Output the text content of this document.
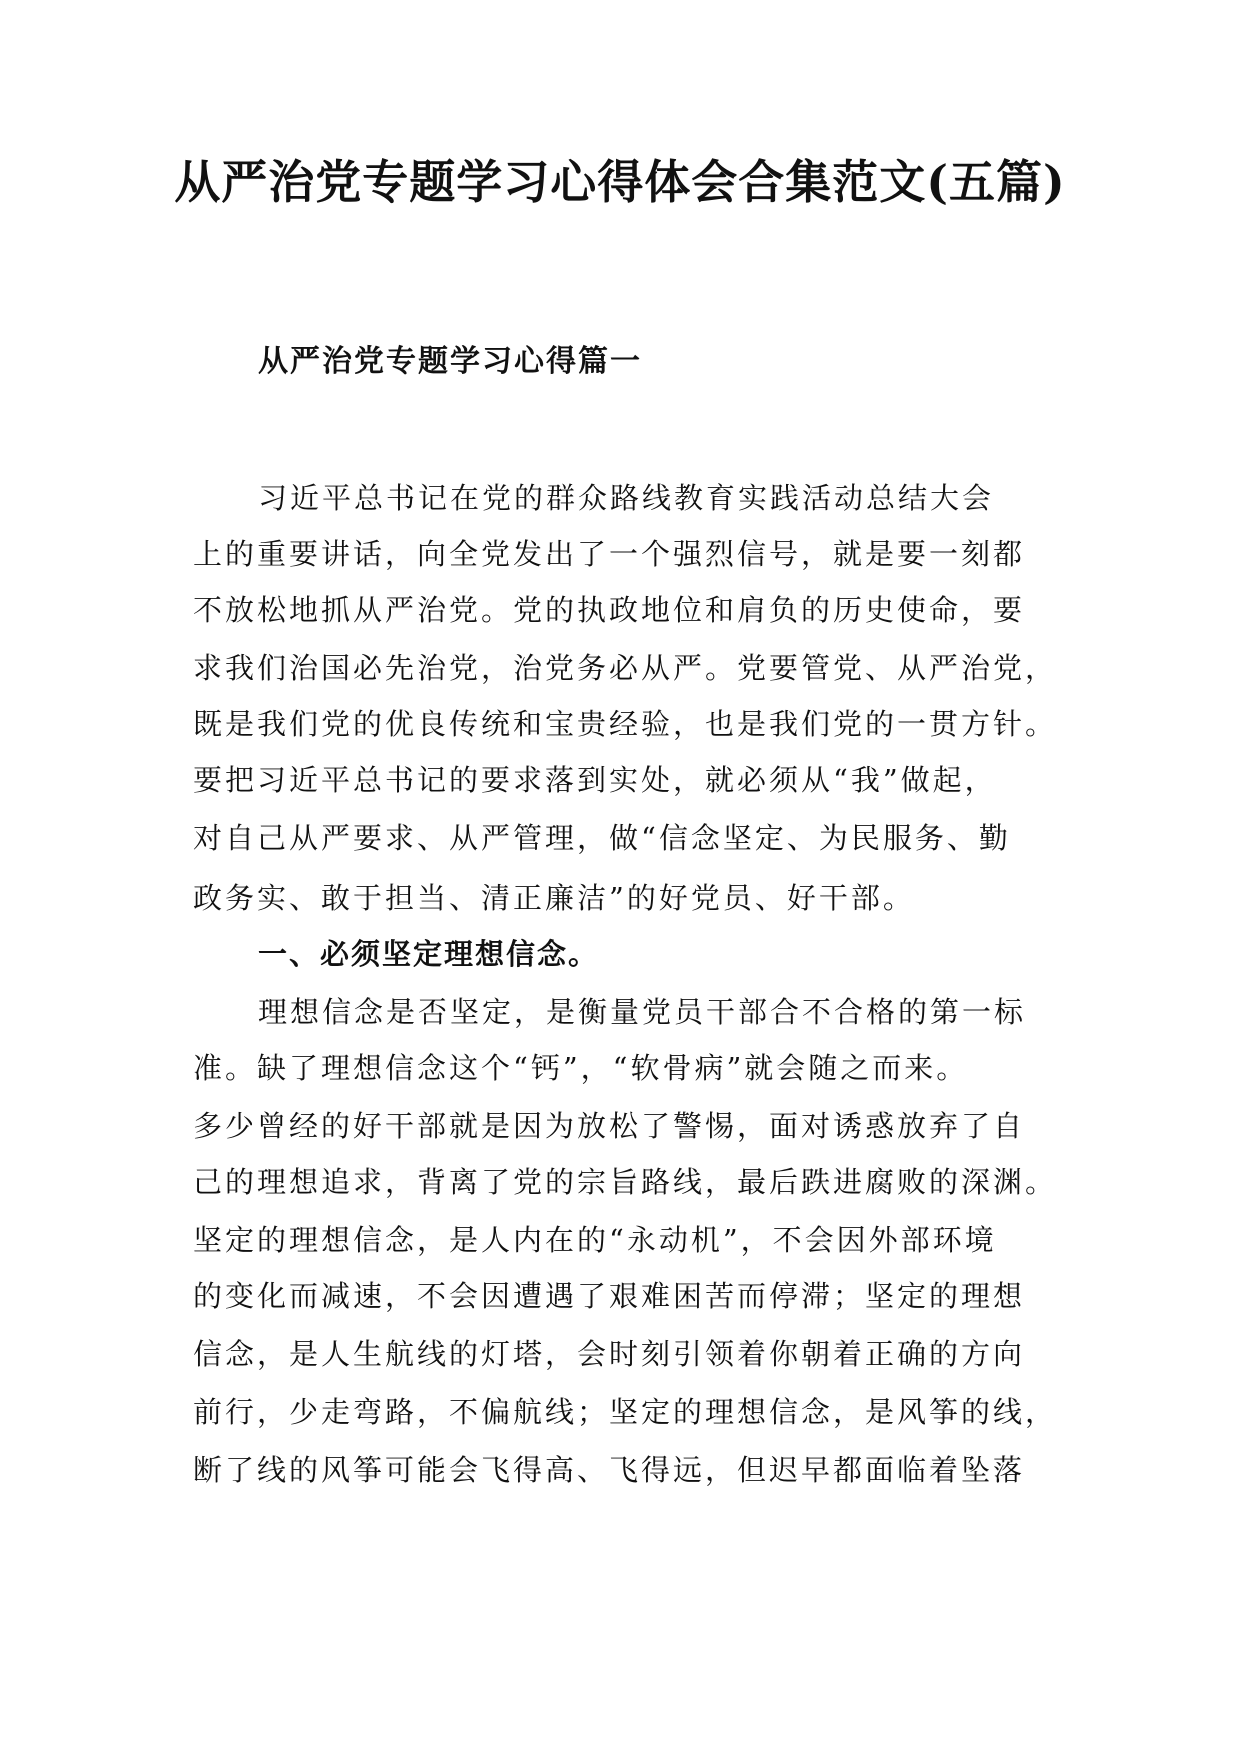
从严治党专题学习心得体会合集范文(五篇)
从严治党专题学习心得篇一
习近平总书记在党的群众路线教育实践活动总结大会
上的重要讲话，向全党发出了一个强烈信号，就是要一刻都
不放松地抓从严治党。党的执政地位和肩负的历史使命，要
求我们治国必先治党，治党务必从严。党要管党、从严治党，
既是我们党的优良传统和宝贵经验，也是我们党的一贯方针。
要把习近平总书记的要求落到实处，就必须从“我”做起，
对自己从严要求、从严管理，做“信念坚定、为民服务、勤
政务实、敢于担当、清正廉洁”的好党员、好干部。
一、必须坚定理想信念。
理想信念是否坚定，是衡量党员干部合不合格的第一标
准。缺了理想信念这个“钙”，“软骨病”就会随之而来。
多少曾经的好干部就是因为放松了警惕，面对诱惑放弃了自
己的理想追求，背离了党的宗旨路线，最后跌进腐败的深渊。
坚定的理想信念，是人内在的“永动机”，不会因外部环境
的变化而减速，不会因遭遇了艰难困苦而停滞；坚定的理想
信念，是人生航线的灯塔，会时刻引领着你朝着正确的方向
前行，少走弯路，不偏航线；坚定的理想信念，是风筝的线，
断了线的风筝可能会飞得高、飞得远，但迟早都面临着坠落
